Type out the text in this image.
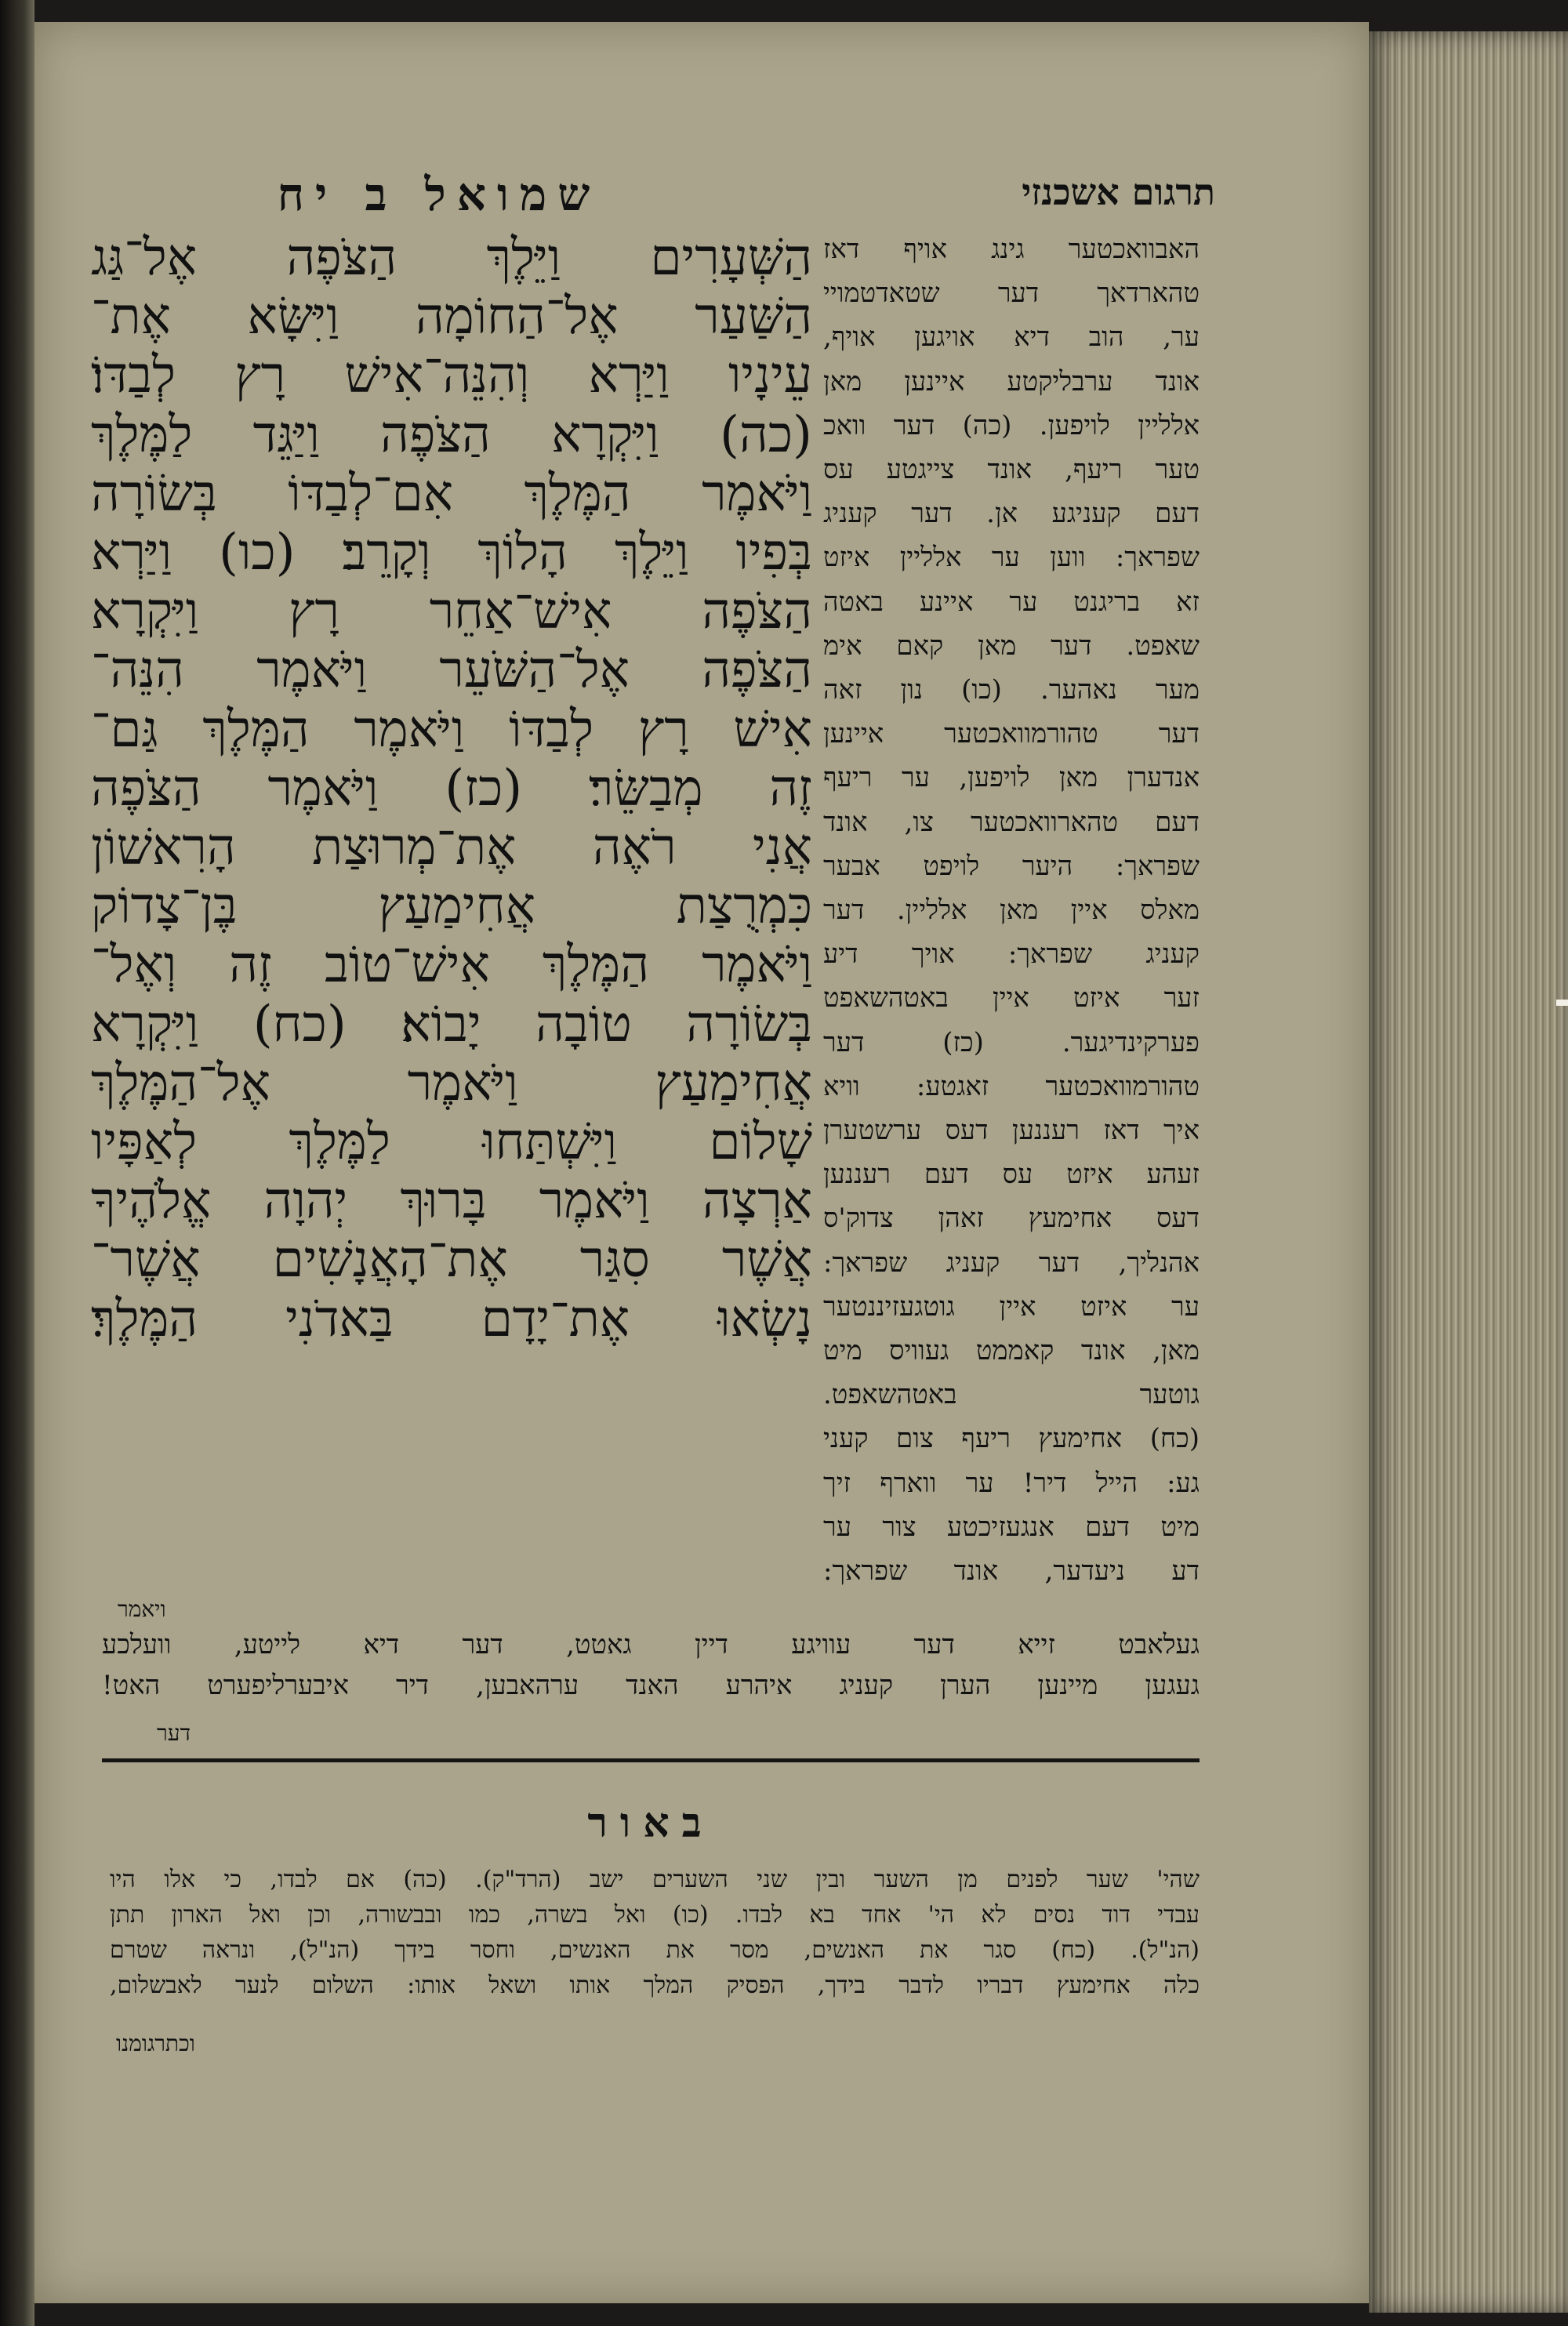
תרגום אשכנזי
שמואל ב יח
האבוואכטער גינג אויף דאז
טהארדאך דער שטאדטמויי
ער, הוב דיא אויגען אויף,
אונד ערבליקטע איינען מאן
אלליין לויפען. (כה) דער וואכ
טער ריעף, אונד צייגטע עס
דעם קעניגע אן. דער קעניג
שפראך: ווען ער אלליין איזט
זא בריגנט ער איינע באטה
שאפט. דער מאן קאם אימ
מער נאהער. (כו) נון זאה
דער טהורמוואכטער איינען
אנדערן מאן לויפען, ער ריעף
דעם טהארוואכטער צו, אונד
שפראך: היער לויפט אבער
מאלס איין מאן אלליין. דער
קעניג שפראך: אויך דיע
זער איזט איין באטהשאפט
פערקינדיגער. (כז) דער
טהורמוואכטער זאגטע: וויא
איך דאז רעננען דעס ערשטערן
זעהע איזט עס דעם רעננען
דעס אחימעץ זאהן צדוק'ס
אהנליך, דער קעניג שפראך:
ער איזט איין גוטגעזיננטער
מאן, אונד קאממט געוויס מיט
גוטער באטהשאפט.
(כח) אחימעץ ריעף צום קעני
גע: הייל דיר! ער ווארף זיך
מיט דעם אנגעזיכטע צור ער
דע ניעדער, אונד שפראך:
הַשְּׁעָרִים וַיֵּלֶךְ הַצֹּפֶה אֶל־גַּג
הַשַּׁעַר אֶל־הַחוֹמָה וַיִּשָּׂא אֶת־
עֵינָיו וַיַּרְא וְהִנֵּה־אִישׁ רָץ לְבַדּוֹ׃
(כה) וַיִּקְרָא הַצֹּפֶה וַיַּגֵּד לַמֶּלֶךְ
וַיֹּאמֶר הַמֶּלֶךְ אִם־לְבַדּוֹ בְּשׂוֹרָה
בְּפִיו וַיֵּלֶךְ הָלוֹךְ וְקָרֵב׃ (כו) וַיַּרְא
הַצֹּפֶה אִישׁ־אַחֵר רָץ וַיִּקְרָא
הַצֹּפֶה אֶל־הַשֹּׁעֵר וַיֹּאמֶר הִנֵּה־
אִישׁ רָץ לְבַדּוֹ וַיֹּאמֶר הַמֶּלֶךְ גַּם־
זֶה מְבַשֵּׂר׃ (כז) וַיֹּאמֶר הַצֹּפֶה
אֲנִי רֹאֶה אֶת־מְרוּצַת הָרִאשׁוֹן
כִּמְרֻצַת אֲחִימַעַץ בֶּן־צָדוֹק
וַיֹּאמֶר הַמֶּלֶךְ אִישׁ־טוֹב זֶה וְאֶל־
בְּשׂוֹרָה טוֹבָה יָבוֹא׃ (כח) וַיִּקְרָא
אֲחִימַעַץ וַיֹּאמֶר אֶל־הַמֶּלֶךְ
שָׁלוֹם וַיִּשְׁתַּחוּ לַמֶּלֶךְ לְאַפָּיו
אַרְצָה וַיֹּאמֶר בָּרוּךְ יְהוָה אֱלֹהֶיךָ
אֲשֶׁר סִגַּר אֶת־הָאֲנָשִׁים אֲשֶׁר־
נָשְׂאוּ אֶת־יָדָם בַּאדֹנִי הַמֶּלֶךְ׃
ויאמר
געלאבט זייא דער עוויגע דיין גאטט, דער דיא לייטע, וועלכע
געגען מיינען הערן קעניג איהרע האנד ערהאבען, דיר איבערליפערט האט!
דער
באור
שהי' שער לפנים מן השער ובין שני השערים ישב (הרד"ק). (כה) אם לבדו, כי אלו היו
עבדי דוד נסים לא הי' אחד בא לבדו. (כו) ואל בשרה, כמו ובבשורה, וכן ואל הארון תתן
(הנ"ל). (כח) סגר את האנשים, מסר את האנשים, וחסר בידך (הנ"ל), ונראה שטרם
כלה אחימעץ דבריו לדבר בידך, הפסיק המלך אותו ושאל אותו: השלום לנער לאבשלום,
וכתרגומנו
